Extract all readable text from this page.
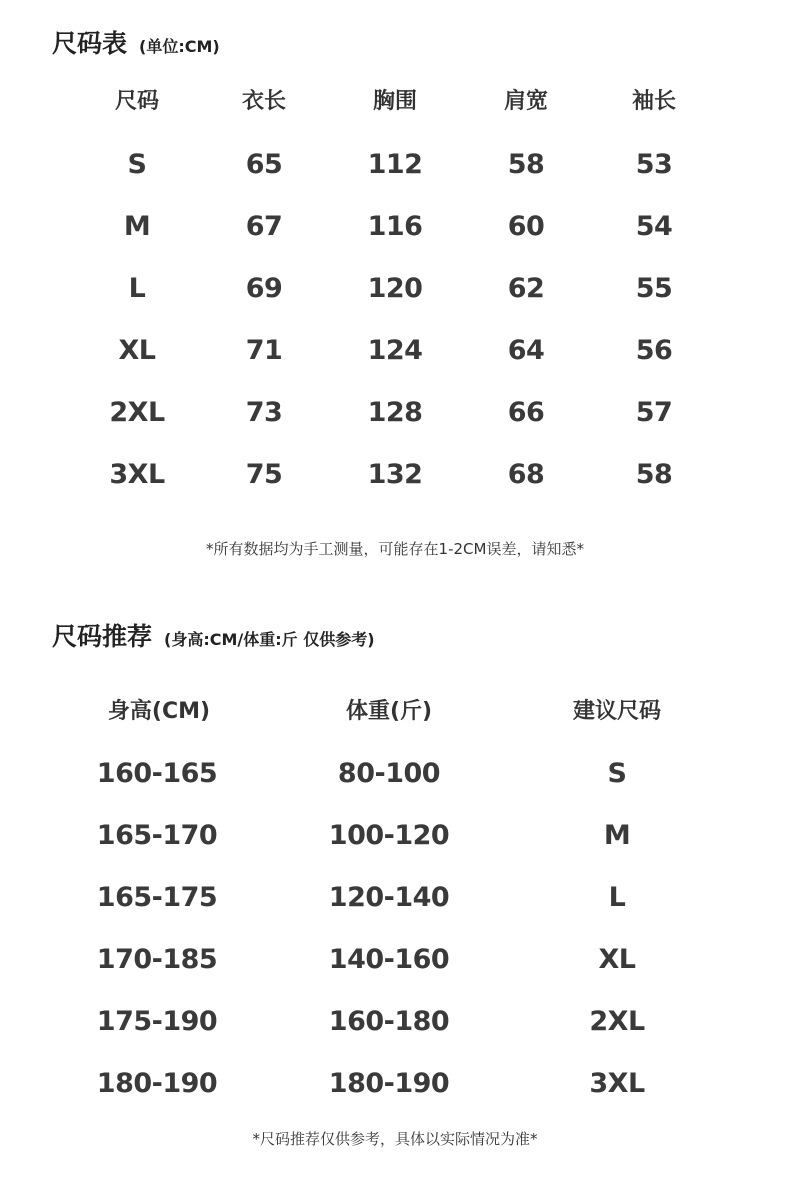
尺码表 (单位:CM)
尺码	衣长	胸围	肩宽	袖长
S	65	112	58	53
M	67	116	60	54
L	69	120	62	55
XL	71	124	64	56
2XL	73	128	66	57
3XL	75	132	68	58
*所有数据均为手工测量，可能存在1-2CM误差，请知悉*
尺码推荐 (身高:CM/体重:斤 仅供参考)
身高(CM)	体重(斤)	建议尺码
160-165	80-100	S
165-170	100-120	M
165-175	120-140	L
170-185	140-160	XL
175-190	160-180	2XL
180-190	180-190	3XL
*尺码推荐仅供参考，具体以实际情况为准*
